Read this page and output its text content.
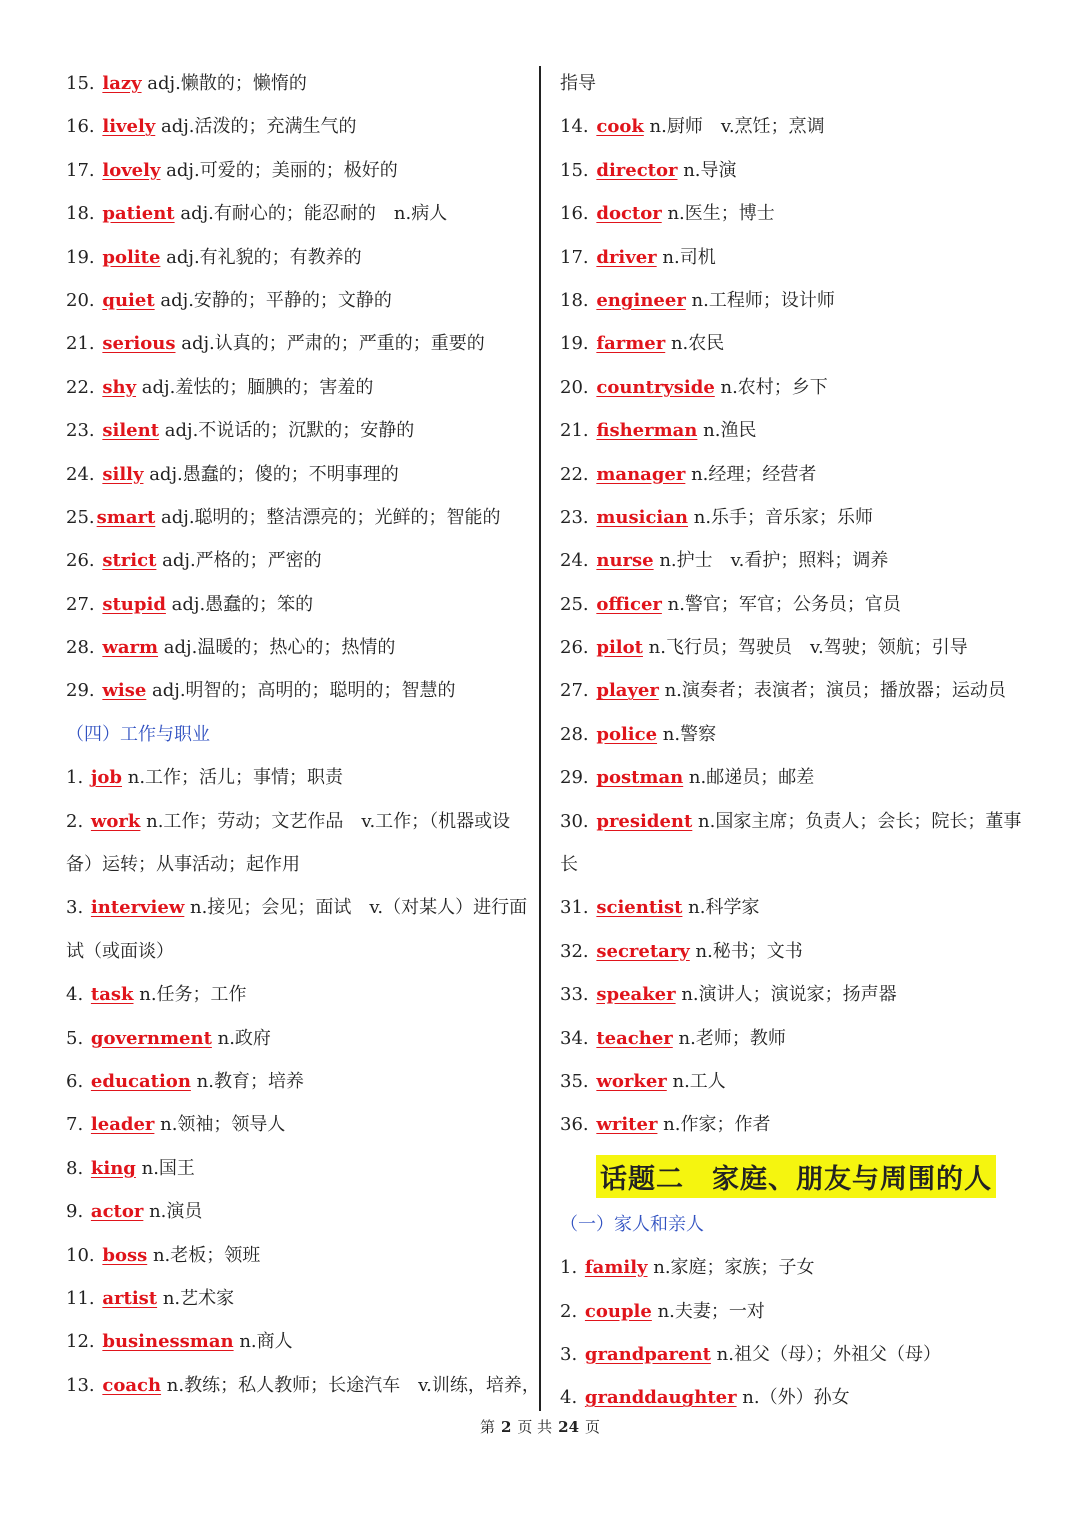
15. lazy adj.懒散的；懒惰的
16. lively adj.活泼的；充满生气的
17. lovely adj.可爱的；美丽的；极好的
18. patient adj.有耐心的；能忍耐的　n.病人
19. polite adj.有礼貌的；有教养的
20. quiet adj.安静的；平静的；文静的
21. serious adj.认真的；严肃的；严重的；重要的
22. shy adj.羞怯的；腼腆的；害羞的
23. silent adj.不说话的；沉默的；安静的
24. silly adj.愚蠢的；傻的；不明事理的
25. smart adj.聪明的；整洁漂亮的；光鲜的；智能的
26. strict adj.严格的；严密的
27. stupid adj.愚蠢的；笨的
28. warm adj.温暖的；热心的；热情的
29. wise adj.明智的；高明的；聪明的；智慧的
（四）工作与职业
1. job n.工作；活儿；事情；职责
2. work n.工作；劳动；文艺作品　v.工作；（机器或设
备）运转；从事活动；起作用
3. interview n.接见；会见；面试　v.（对某人）进行面
试（或面谈）
4. task n.任务；工作
5. government n.政府
6. education n.教育；培养
7. leader n.领袖；领导人
8. king n.国王
9. actor n.演员
10. boss n.老板；领班
11. artist n.艺术家
12. businessman n.商人
13. coach n.教练；私人教师；长途汽车　v.训练，培养，
指导
14. cook n.厨师　v.烹饪；烹调
15. director n.导演
16. doctor n.医生；博士
17. driver n.司机
18. engineer n.工程师；设计师
19. farmer n.农民
20. countryside n.农村；乡下
21. fisherman n.渔民
22. manager n.经理；经营者
23. musician n.乐手；音乐家；乐师
24. nurse n.护士　v.看护；照料；调养
25. officer n.警官；军官；公务员；官员
26. pilot n.飞行员；驾驶员　v.驾驶；领航；引导
27. player n.演奏者；表演者；演员；播放器；运动员
28. police n.警察
29. postman n.邮递员；邮差
30. president n.国家主席；负责人；会长；院长；董事
长
31. scientist n.科学家
32. secretary n.秘书；文书
33. speaker n.演讲人；演说家；扬声器
34. teacher n.老师；教师
35. worker n.工人
36. writer n.作家；作者
话题二　家庭、朋友与周围的人
（一）家人和亲人
1. family n.家庭；家族；子女
2. couple n.夫妻；一对
3. grandparent n.祖父（母）；外祖父（母）
4. granddaughter n.（外）孙女
第 2 页 共 24 页
